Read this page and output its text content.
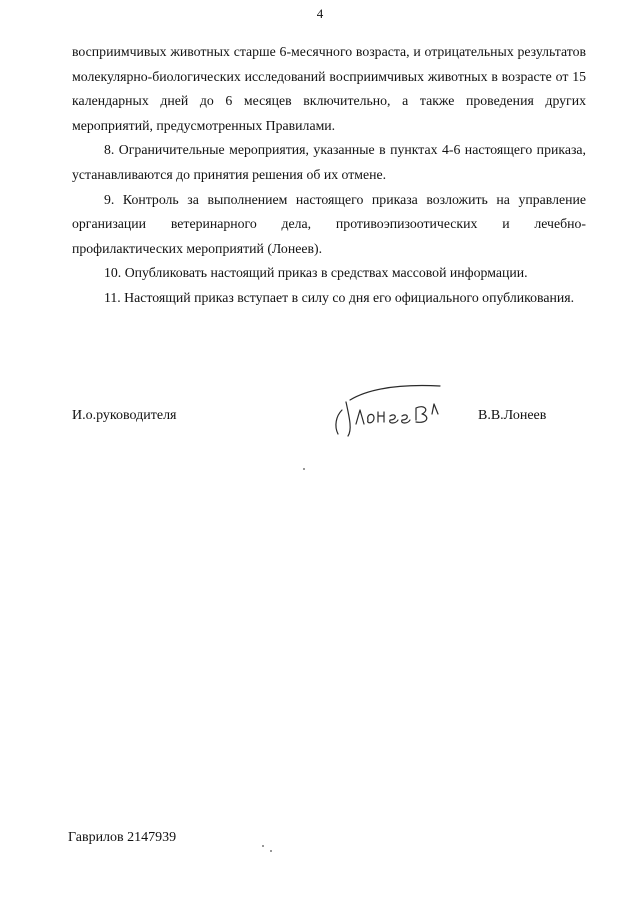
4

восприимчивых животных старше 6-месячного возраста, и отрицательных результатов молекулярно-биологических исследований восприимчивых животных в возрасте от 15 календарных дней до 6 месяцев включительно, а также проведения других мероприятий, предусмотренных Правилами.

8. Ограничительные мероприятия, указанные в пунктах 4-6 настоящего приказа, устанавливаются до принятия решения об их отмене.

9. Контроль за выполнением настоящего приказа возложить на управление организации ветеринарного дела, противоэпизоотических и лечебно-профилактических мероприятий (Лонеев).

10. Опубликовать настоящий приказ в средствах массовой информации.

11. Настоящий приказ вступает в силу со дня его официального опубликования.

И.о.руководителя	В.В.Лонеев
Гаврилов 2147939
